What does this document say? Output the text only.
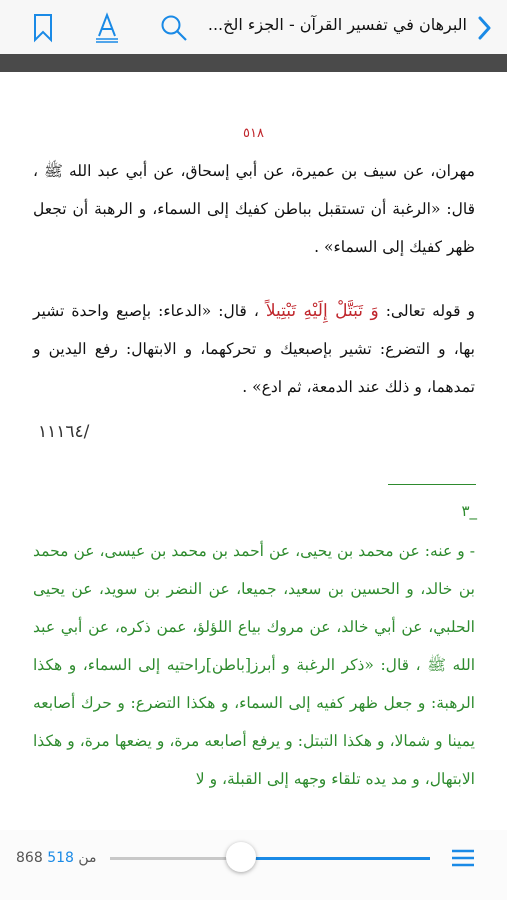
البرهان في تفسير القرآن - الجزء الخ...
٥١٨
مهران، عن سيف بن عميرة، عن أبي إسحاق، عن أبي عبد الله ﷺ ، قال: «الرغبة أن تستقبل بباطن كفيك إلى السماء، و الرهبة أن تجعل ظهر كفيك إلى السماء» .
و قوله تعالى: وَ تَبَتَّلْ إِلَيْهِ تَبْتِيلاً ، قال: «الدعاء: بإصبع واحدة تشير بها، و التضرع: تشير بإصبعيك و تحركهما، و الابتهال: رفع اليدين و تمدهما، و ذلك عند الدمعة، ثم ادع» .
/١١١٦٤
٣_
- و عنه: عن محمد بن يحيى، عن أحمد بن محمد بن عيسى، عن محمد بن خالد، و الحسين بن سعيد، جميعا، عن النضر بن سويد، عن يحيى الحلبي، عن أبي خالد، عن مروك بياع اللؤلؤ، عمن ذكره، عن أبي عبد الله ﷺ ، قال: «ذكر الرغبة و أبرز[باطن]راحتيه إلى السماء، و هكذا الرهبة: و جعل ظهر كفيه إلى السماء، و هكذا التضرع: و حرك أصابعه يمينا و شمالا، و هكذا التبتل: و يرفع أصابعه مرة، و يضعها مرة، و هكذا الابتهال، و مد يده تلقاء وجهه إلى القبلة، و لا
868	من 518
